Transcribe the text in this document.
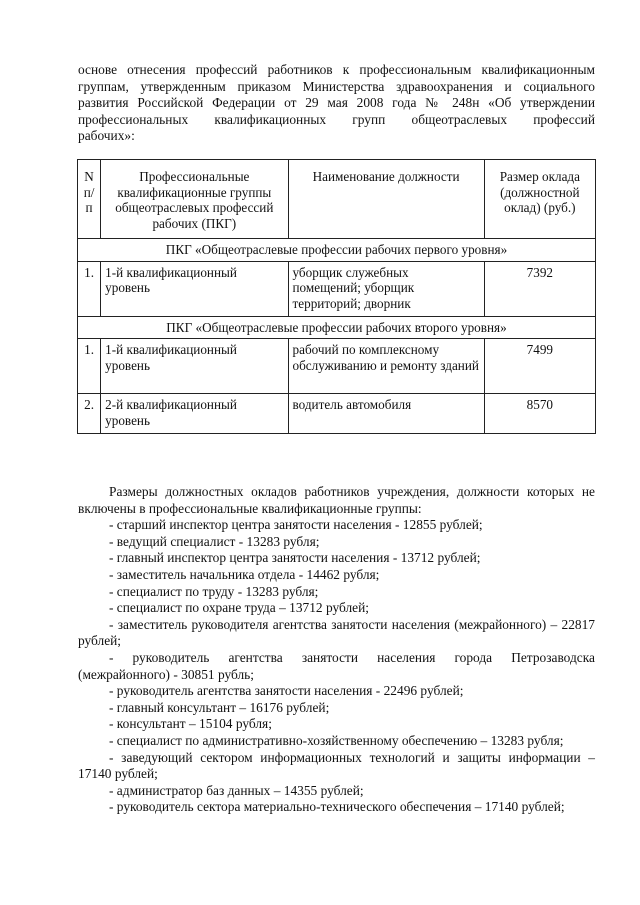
основе отнесения профессий работников к профессиональным квалификационным
группам, утвержденным приказом Министерства здравоохранения и социального
развития Российской Федерации от 29 мая 2008 года № 248н «Об утверждении
профессиональных квалификационных групп общеотраслевых профессий
рабочих»:
N п/п	Профессиональные квалификационные группы общеотраслевых профессий рабочих (ПКГ)	Наименование должности	Размер оклада (должностной оклад) (руб.)
ПКГ «Общеотраслевые профессии рабочих первого уровня»			
1.	1-й квалификационный уровень	уборщик служебных помещений; уборщик территорий; дворник	7392
ПКГ «Общеотраслевые профессии рабочих второго уровня»			
1.	1-й квалификационный уровень	рабочий по комплексному обслуживанию и ремонту зданий	7499
2.	2-й квалификационный уровень	водитель автомобиля	8570
Размеры должностных окладов работников учреждения, должности которых не включены в профессиональные квалификационные группы:
- старший инспектор центра занятости населения - 12855 рублей;
- ведущий специалист - 13283 рубля;
- главный инспектор центра занятости населения - 13712 рублей;
- заместитель начальника отдела - 14462 рубля;
- специалист по труду - 13283 рубля;
- специалист по охране труда – 13712 рублей;
- заместитель руководителя агентства занятости населения (межрайонного) – 22817 рублей;
- руководитель агентства занятости населения города Петрозаводска (межрайонного) - 30851 рубль;
- руководитель агентства занятости населения - 22496 рублей;
- главный консультант – 16176 рублей;
- консультант – 15104 рубля;
- специалист по административно-хозяйственному обеспечению – 13283 рубля;
- заведующий сектором информационных технологий и защиты информации – 17140 рублей;
- администратор баз данных – 14355 рублей;
- руководитель сектора материально-технического обеспечения – 17140 рублей;
